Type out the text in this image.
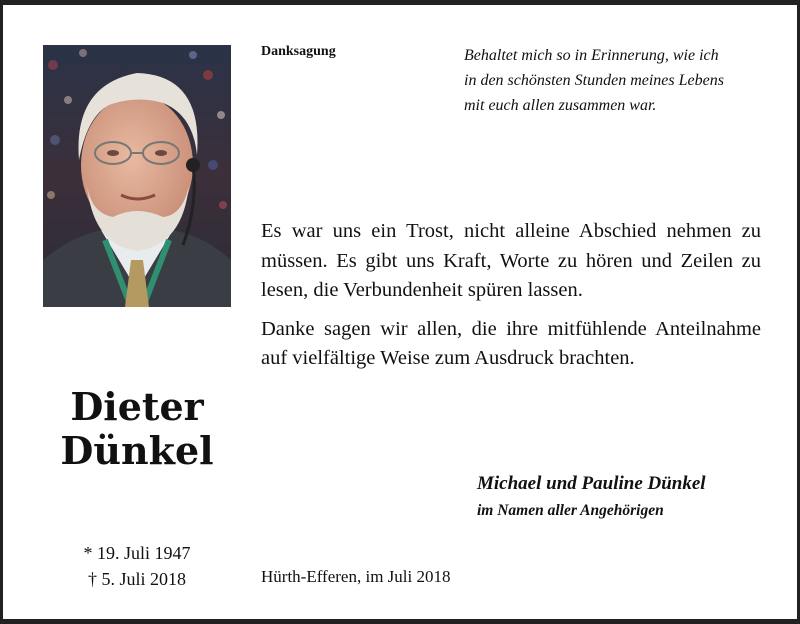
Dieter
Dünkel
* 19. Juli 1947
† 5. Juli 2018
Danksagung	Behaltet mich so in Erinnerung, wie ich
in den schönsten Stunden meines Lebens
mit euch allen zusammen war.

Es war uns ein Trost, nicht alleine Abschied nehmen zu müssen. Es gibt uns Kraft, Worte zu hören und Zeilen zu lesen, die Verbundenheit spüren lassen.

Danke sagen wir allen, die ihre mitfühlende Anteilnahme auf vielfältige Weise zum Ausdruck brachten.

Michael und Pauline Dünkel
im Namen aller Angehörigen
Hürth-Efferen, im Juli 2018
